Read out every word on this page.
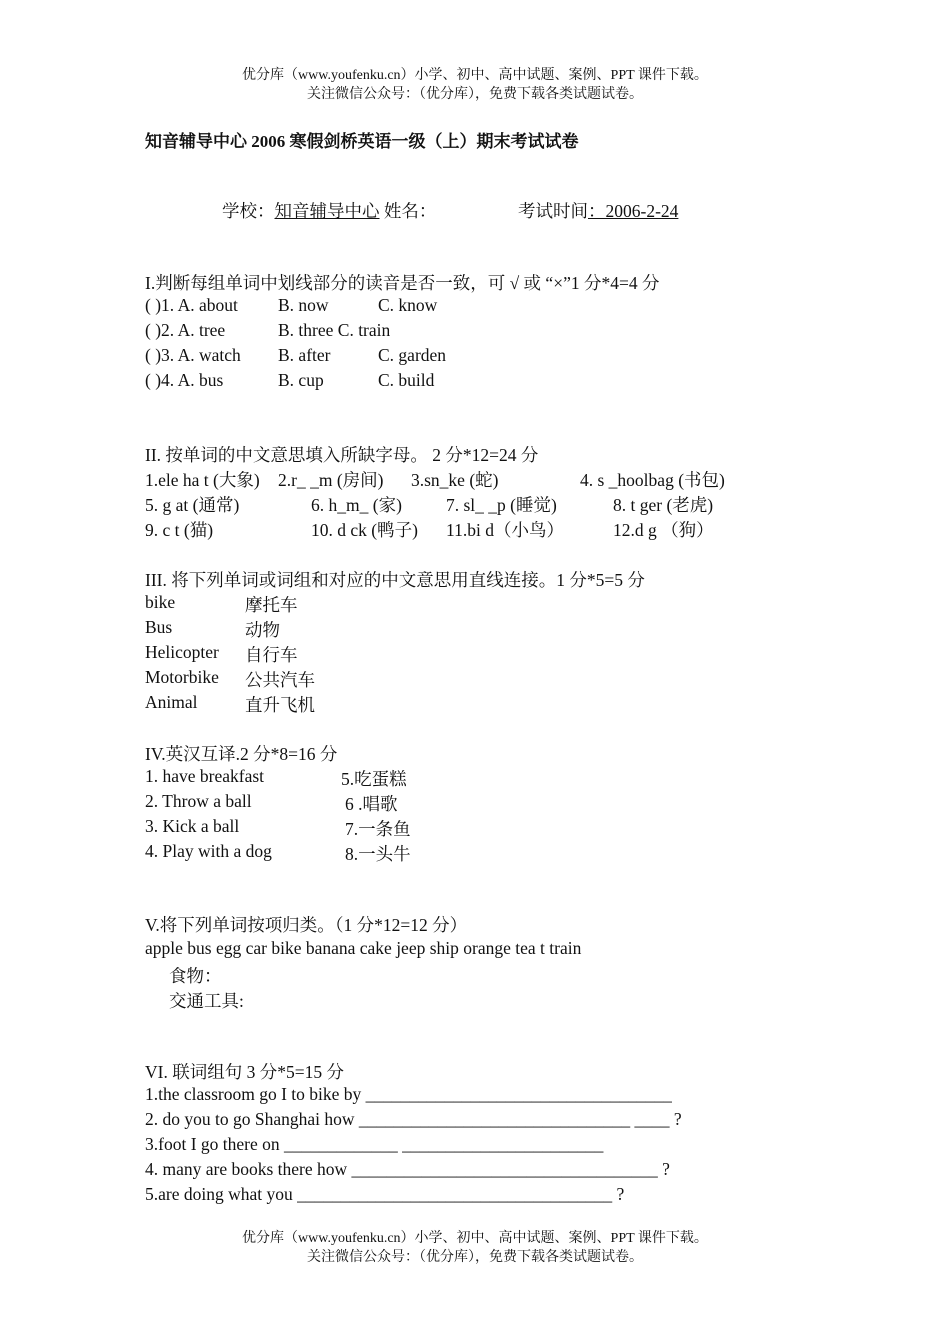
优分库（www.youfenku.cn）小学、初中、高中试题、案例、PPT 课件下载。
关注微信公众号：（优分库），免费下载各类试题试卷。
知音辅导中心 2006 寒假剑桥英语一级（上）期末考试试卷
学校：知音辅导中心 姓名：	考试时间：2006-2-24
I.判断每组单词中划线部分的读音是否一致，可 √ 或 “×”1 分*4=4 分
( )1. A. about B. now	C. know
( )2. A. tree	B. three C. train
( )3. A. watch B. after	C. garden
( )4. A. bus	B. cup	C. build
II. 按单词的中文意思填入所缺字母。 2 分*12=24 分
1.ele ha t (大象) 2.r_ _m (房间) 3.sn_ke (蛇)	4. s _hoolbag (书包)
5. g at (通常)	6. h_m_ (家)	7. sl_ _p (睡觉)	8. t ger (老虎)
9. c t (猫)	10. d ck (鸭子) 11.bi d（小鸟）	12.d g （狗）
III. 将下列单词或词组和对应的中文意思用直线连接。1 分*5=5 分
bike	摩托车
Bus	动物
Helicopter 自行车
Motorbike 公共汽车
Animal	直升飞机
IV.英汉互译.2 分*8=16 分
1. have breakfast	5.吃蛋糕
2. Throw a ball	6 .唱歌
3. Kick a ball	7.一条鱼
4. Play with a dog	8.一头牛
V.将下列单词按项归类。（1 分*12=12 分）
apple bus egg car bike banana cake jeep ship orange tea t train
食物：
交通工具:
VI. 联词组句 3 分*5=15 分
1.the classroom go I to bike by ___________________________________
2. do you to go Shanghai how _______________________________ ____ ?
3.foot I go there on _____________ _______________________
4. many are books there how ___________________________________ ?
5.are doing what you ____________________________________ ?
优分库（www.youfenku.cn）小学、初中、高中试题、案例、PPT 课件下载。
关注微信公众号：（优分库），免费下载各类试题试卷。
